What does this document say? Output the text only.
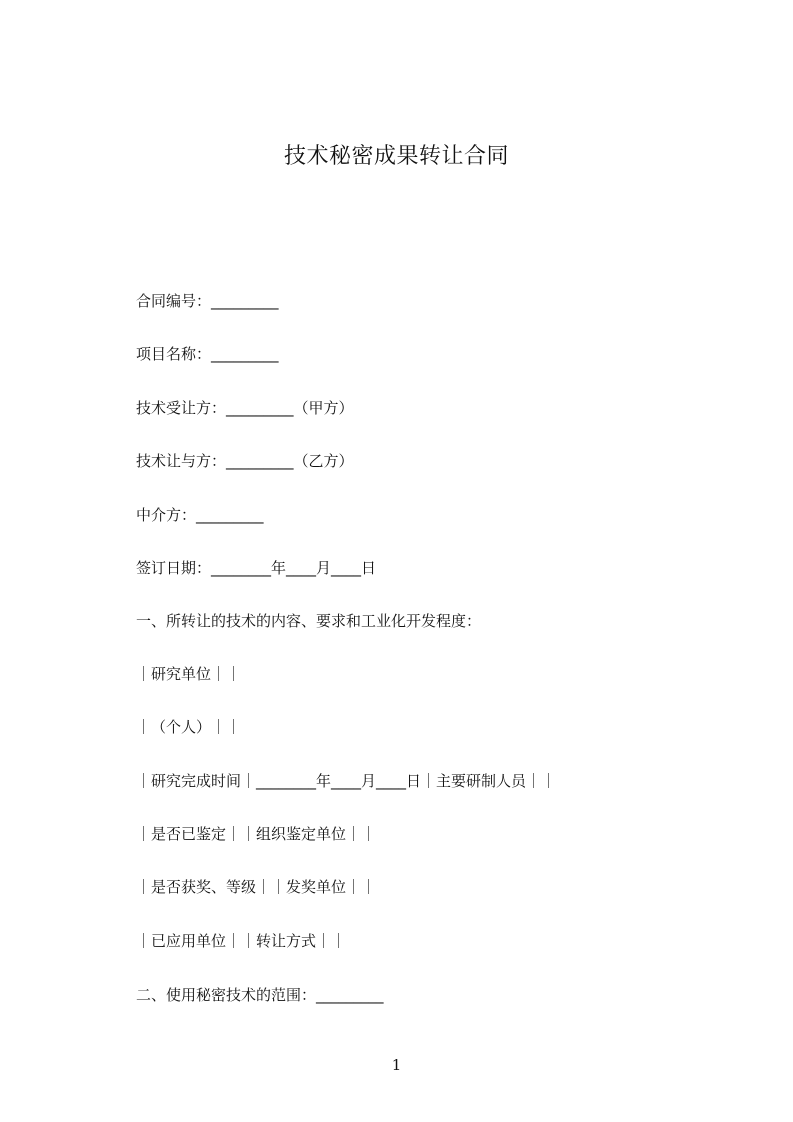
技术秘密成果转让合同
合同编号：_________
项目名称：_________
技术受让方：_________（甲方）
技术让与方：_________（乙方）
中介方：_________
签订日期：________年____月____日
一、所转让的技术的内容、要求和工业化开发程度：
｜研究单位｜｜
｜（个人）｜｜
｜研究完成时间｜________年____月____日｜主要研制人员｜｜
｜是否已鉴定｜｜组织鉴定单位｜｜
｜是否获奖、等级｜｜发奖单位｜｜
｜已应用单位｜｜转让方式｜｜
二、使用秘密技术的范围：_________
1
